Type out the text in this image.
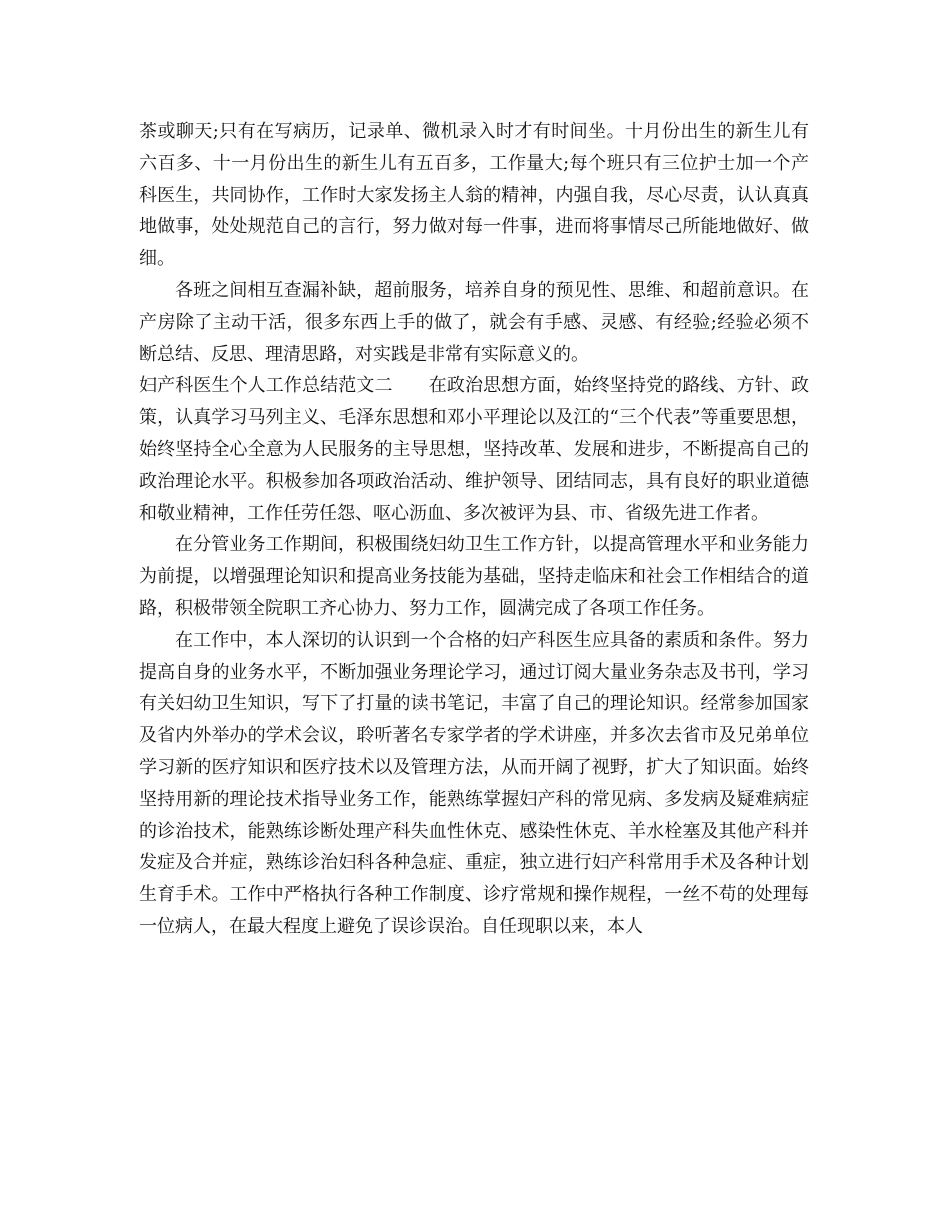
茶或聊天;只有在写病历，记录单、微机录入时才有时间坐。十月份出生的新生儿有六百多、十一月份出生的新生儿有五百多，工作量大;每个班只有三位护士加一个产科医生，共同协作，工作时大家发扬主人翁的精神，内强自我，尽心尽责，认认真真地做事，处处规范自己的言行，努力做对每一件事，进而将事情尽己所能地做好、做细。

各班之间相互查漏补缺，超前服务，培养自身的预见性、思维、和超前意识。在产房除了主动干活，很多东西上手的做了，就会有手感、灵感、有经验;经验必须不断总结、反思、理清思路，对实践是非常有实际意义的。

妇产科医生个人工作总结范文二 在政治思想方面，始终坚持党的路线、方针、政策，认真学习马列主义、毛泽东思想和邓小平理论以及江的“三个代表”等重要思想，始终坚持全心全意为人民服务的主导思想，坚持改革、发展和进步，不断提高自己的政治理论水平。积极参加各项政治活动、维护领导、团结同志，具有良好的职业道德和敬业精神，工作任劳任怨、呕心沥血、多次被评为县、市、省级先进工作者。

在分管业务工作期间，积极围绕妇幼卫生工作方针，以提高管理水平和业务能力为前提，以增强理论知识和提高业务技能为基础，坚持走临床和社会工作相结合的道路，积极带领全院职工齐心协力、努力工作，圆满完成了各项工作任务。

在工作中，本人深切的认识到一个合格的妇产科医生应具备的素质和条件。努力提高自身的业务水平，不断加强业务理论学习，通过订阅大量业务杂志及书刊，学习有关妇幼卫生知识，写下了打量的读书笔记，丰富了自己的理论知识。经常参加国家及省内外举办的学术会议，聆听著名专家学者的学术讲座，并多次去省市及兄弟单位学习新的医疗知识和医疗技术以及管理方法，从而开阔了视野，扩大了知识面。始终坚持用新的理论技术指导业务工作，能熟练掌握妇产科的常见病、多发病及疑难病症的诊治技术，能熟练诊断处理产科失血性休克、感染性休克、羊水栓塞及其他产科并发症及合并症，熟练诊治妇科各种急症、重症，独立进行妇产科常用手术及各种计划生育手术。工作中严格执行各种工作制度、诊疗常规和操作规程，一丝不苟的处理每一位病人，在最大程度上避免了误诊误治。自任现职以来，本人
